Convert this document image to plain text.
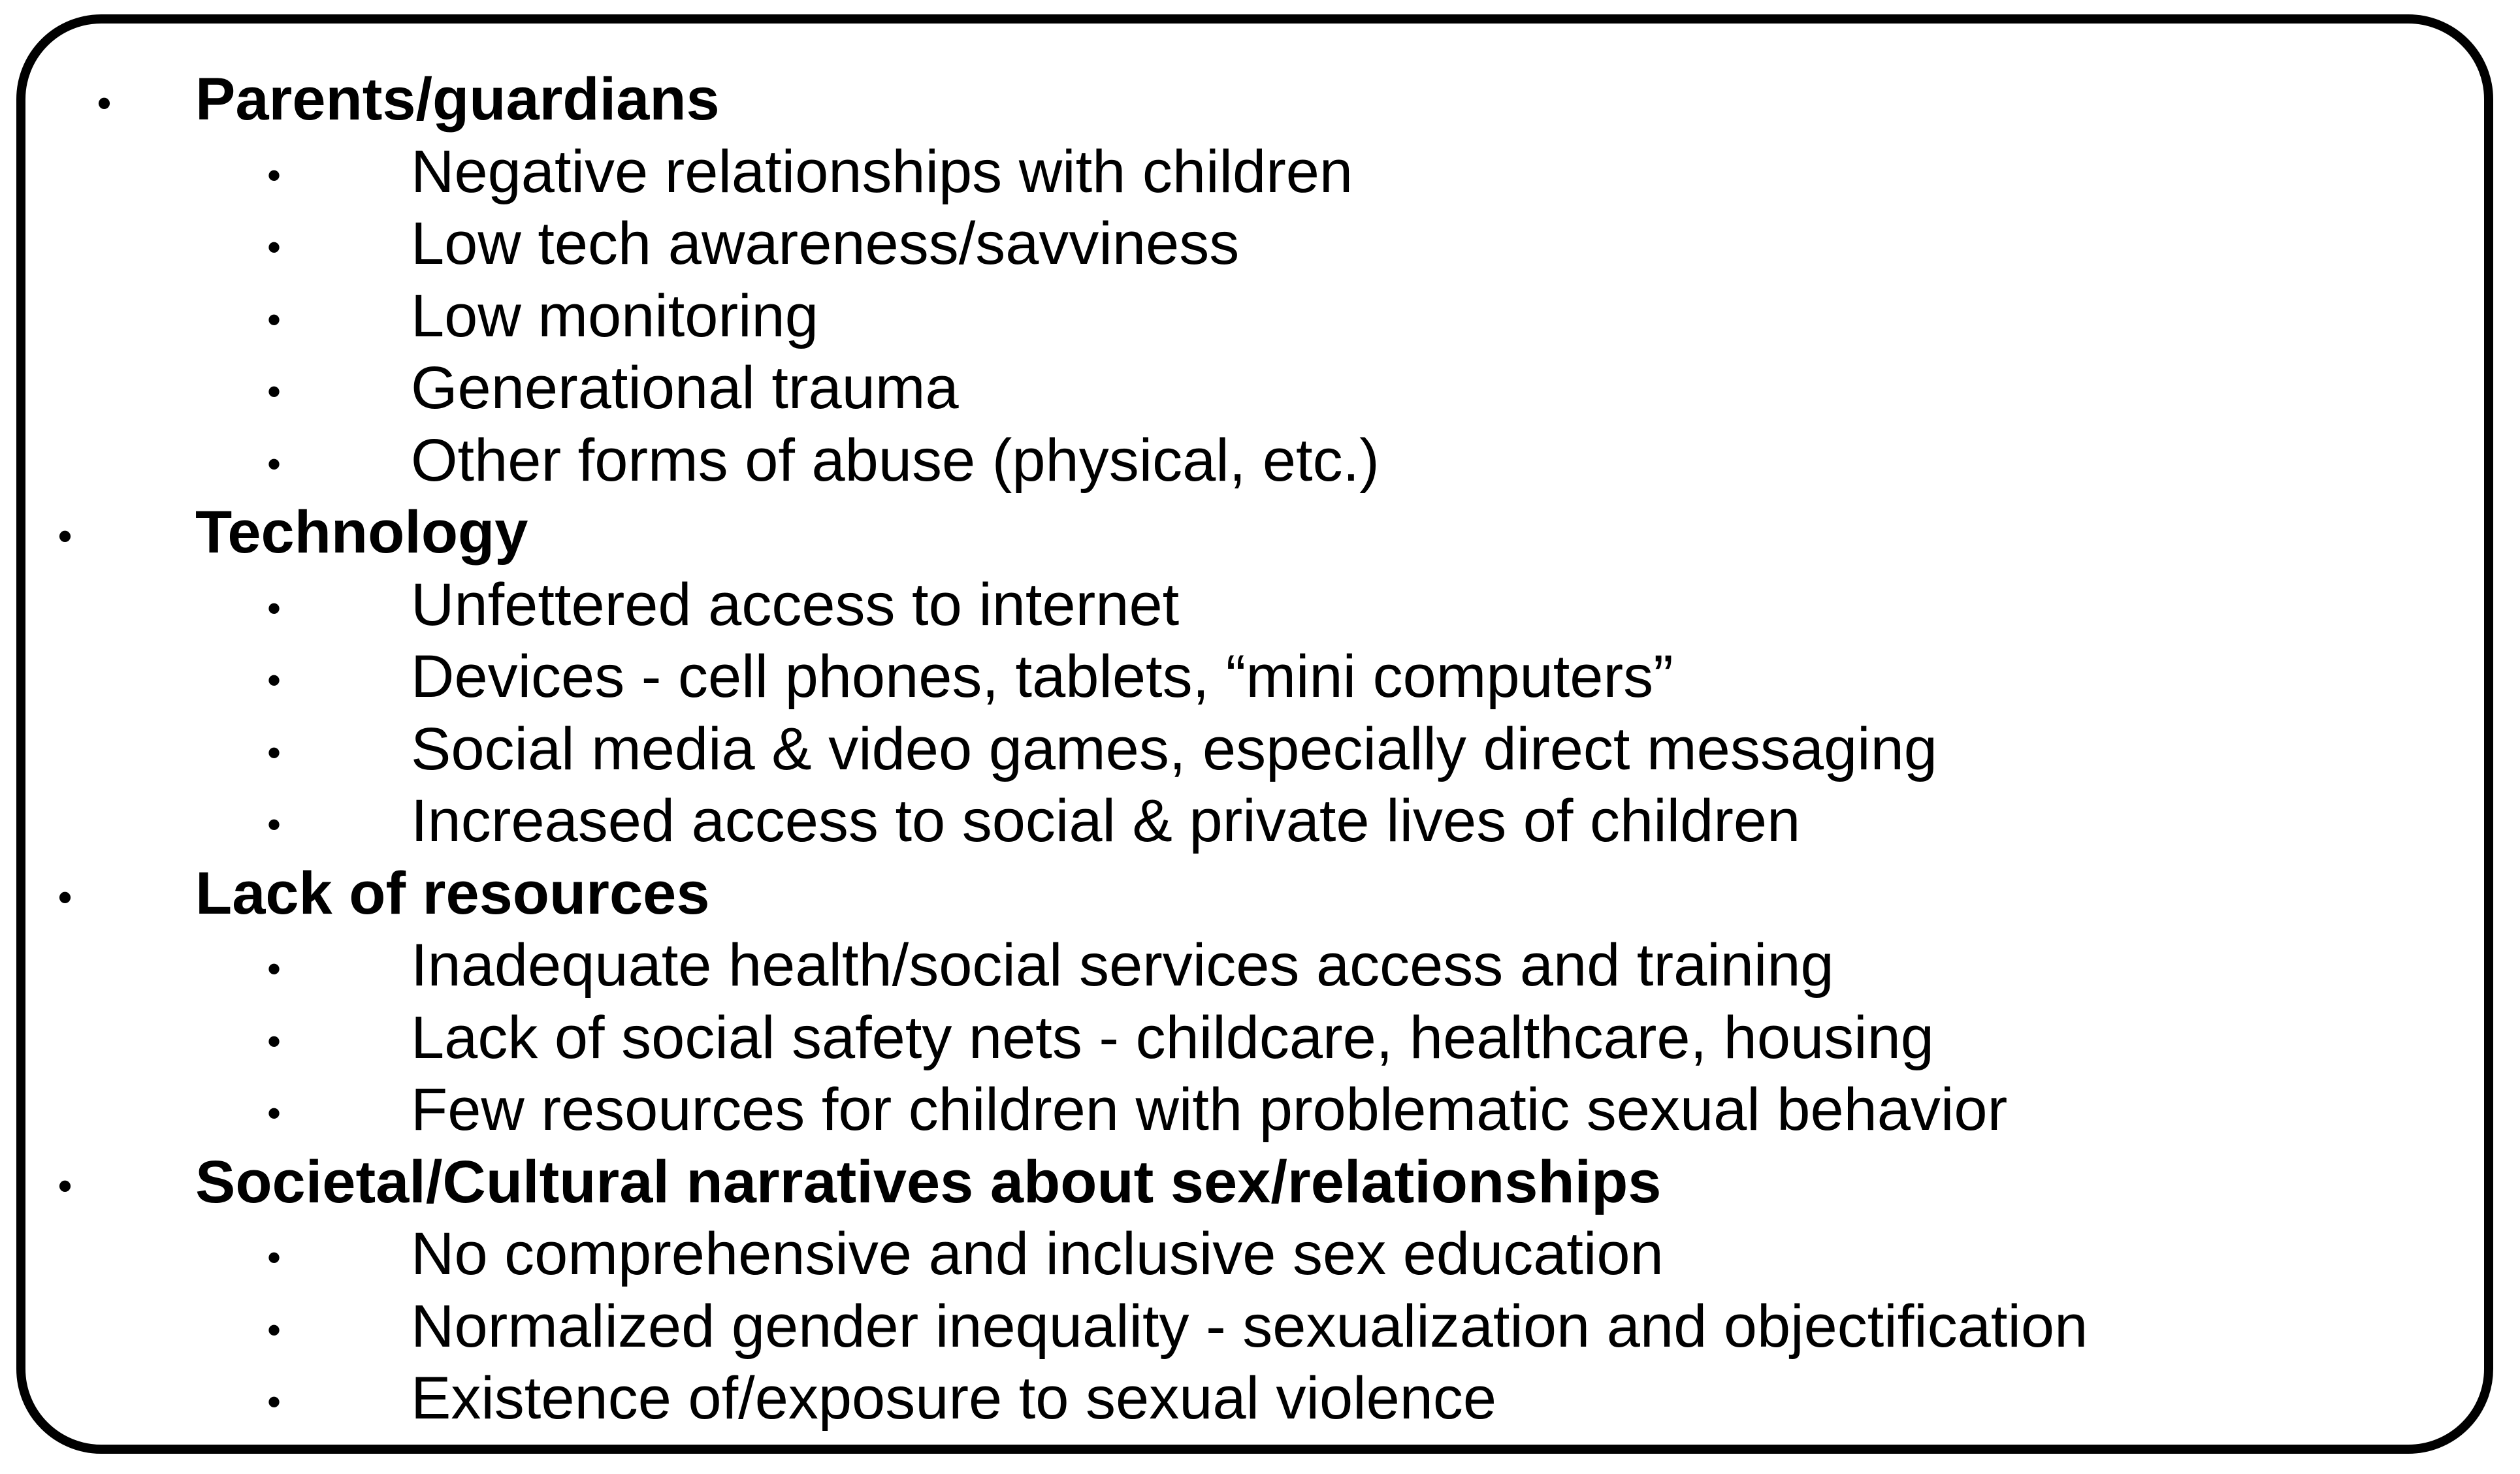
• Parents/guardians
• Negative relationships with children
• Low tech awareness/savviness
• Low monitoring
• Generational trauma
• Other forms of abuse (physical, etc.)
• Technology
• Unfettered access to internet
• Devices - cell phones, tablets, “mini computers”
• Social media & video games, especially direct messaging
• Increased access to social & private lives of children
• Lack of resources
• Inadequate health/social services access and training
• Lack of social safety nets - childcare, healthcare, housing
• Few resources for children with problematic sexual behavior
• Societal/Cultural narratives about sex/relationships
• No comprehensive and inclusive sex education
• Normalized gender inequality - sexualization and objectification
• Existence of/exposure to sexual violence
